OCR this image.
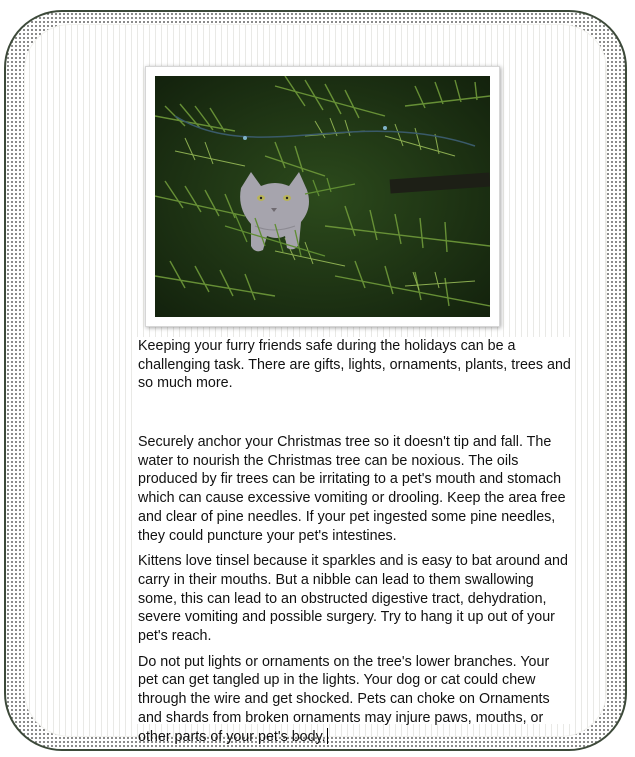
Keeping your furry friends safe during the holidays can be a challenging task. There are gifts, lights, ornaments, plants, trees and so much more.

Securely anchor your Christmas tree so it doesn't tip and fall. The water to nourish the Christmas tree can be noxious. The oils produced by fir trees can be irritating to a pet's mouth and stomach which can cause excessive vomiting or drooling. Keep the area free and clear of pine needles. If your pet ingested some pine needles, they could puncture your pet's intestines.

Kittens love tinsel because it sparkles and is easy to bat around and carry in their mouths. But a nibble can lead to them swallowing some, this can lead to an obstructed digestive tract, dehydration, severe vomiting and possible surgery. Try to hang it up out of your pet's reach.

Do not put lights or ornaments on the tree's lower branches. Your pet can get tangled up in the lights. Your dog or cat could chew through the wire and get shocked. Pets can choke on Ornaments and shards from broken ornaments may injure paws, mouths, or other parts of your pet's body.
